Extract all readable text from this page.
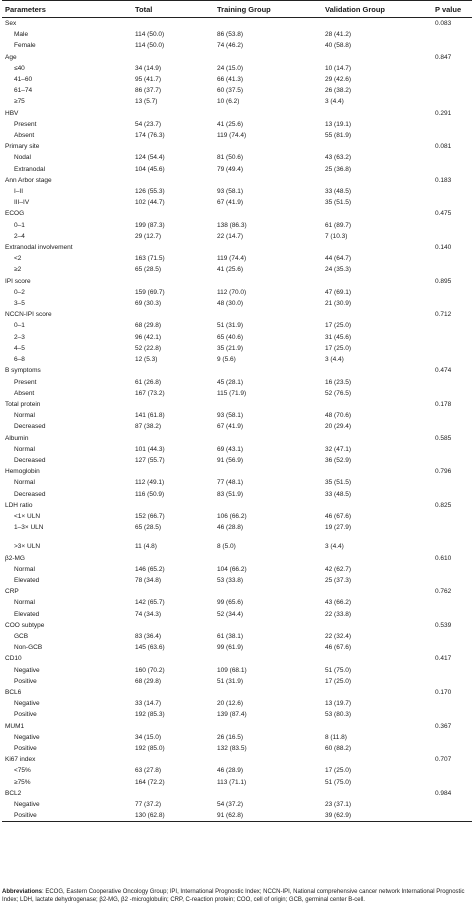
Parameters	Total	Training Group	Validation Group	P value
Sex				0.083
Male	114 (50.0)	86 (53.8)	28 (41.2)	
Female	114 (50.0)	74 (46.2)	40 (58.8)	
Age				0.847
≤40	34 (14.9)	24 (15.0)	10 (14.7)	
41–60	95 (41.7)	66 (41.3)	29 (42.6)	
61–74	86 (37.7)	60 (37.5)	26 (38.2)	
≥75	13 (5.7)	10 (6.2)	3 (4.4)	
HBV				0.291
Present	54 (23.7)	41 (25.6)	13 (19.1)	
Absent	174 (76.3)	119 (74.4)	55 (81.9)	
Primary site				0.081
Nodal	124 (54.4)	81 (50.6)	43 (63.2)	
Extranodal	104 (45.6)	79 (49.4)	25 (36.8)	
Ann Arbor stage				0.183
I–II	126 (55.3)	93 (58.1)	33 (48.5)	
III–IV	102 (44.7)	67 (41.9)	35 (51.5)	
ECOG				0.475
0–1	199 (87.3)	138 (86.3)	61 (89.7)	
2–4	29 (12.7)	22 (14.7)	7 (10.3)	
Extranodal involvement				0.140
<2	163 (71.5)	119 (74.4)	44 (64.7)	
≥2	65 (28.5)	41 (25.6)	24 (35.3)	
IPI score				0.895
0–2	159 (69.7)	112 (70.0)	47 (69.1)	
3–5	69 (30.3)	48 (30.0)	21 (30.9)	
NCCN-IPI score				0.712
0–1	68 (29.8)	51 (31.9)	17 (25.0)	
2–3	96 (42.1)	65 (40.6)	31 (45.6)	
4–5	52 (22.8)	35 (21.9)	17 (25.0)	
6–8	12 (5.3)	9 (5.6)	3 (4.4)	
B symptoms				0.474
Present	61 (26.8)	45 (28.1)	16 (23.5)	
Absent	167 (73.2)	115 (71.9)	52 (76.5)	
Total protein				0.178
Normal	141 (61.8)	93 (58.1)	48 (70.6)	
Decreased	87 (38.2)	67 (41.9)	20 (29.4)	
Albumin				0.585
Normal	101 (44.3)	69 (43.1)	32 (47.1)	
Decreased	127 (55.7)	91 (56.9)	36 (52.9)	
Hemoglobin				0.796
Normal	112 (49.1)	77 (48.1)	35 (51.5)	
Decreased	116 (50.9)	83 (51.9)	33 (48.5)	
LDH ratio				0.825
<1× ULN	152 (66.7)	106 (66.2)	46 (67.6)	
1–3× ULN	65 (28.5)	46 (28.8)	19 (27.9)	

>3× ULN	11 (4.8)	8 (5.0)	3 (4.4)	
β2-MG				0.610
Normal	146 (65.2)	104 (66.2)	42 (62.7)	
Elevated	78 (34.8)	53 (33.8)	25 (37.3)	
CRP				0.762
Normal	142 (65.7)	99 (65.6)	43 (66.2)	
Elevated	74 (34.3)	52 (34.4)	22 (33.8)	
COO subtype				0.539
GCB	83 (36.4)	61 (38.1)	22 (32.4)	
Non-GCB	145 (63.6)	99 (61.9)	46 (67.6)	
CD10				0.417
Negative	160 (70.2)	109 (68.1)	51 (75.0)	
Positive	68 (29.8)	51 (31.9)	17 (25.0)	
BCL6				0.170
Negative	33 (14.7)	20 (12.6)	13 (19.7)	
Positive	192 (85.3)	139 (87.4)	53 (80.3)	
MUM1				0.367
Negative	34 (15.0)	26 (16.5)	8 (11.8)	
Positive	192 (85.0)	132 (83.5)	60 (88.2)	
Ki67 index				0.707
<75%	63 (27.8)	46 (28.9)	17 (25.0)	
≥75%	164 (72.2)	113 (71.1)	51 (75.0)	
BCL2				0.984
Negative	77 (37.2)	54 (37.2)	23 (37.1)	
Positive	130 (62.8)	91 (62.8)	39 (62.9)	
Abbreviations: ECOG, Eastern Cooperative Oncology Group; IPI, International Prognostic Index; NCCN-IPI, National comprehensive cancer network International Prognostic Index; LDH, lactate dehydrogenase; β2-MG, β2 -microglobulin; CRP, C-reaction protein; COO, cell of origin; GCB, germinal center B-cell.
